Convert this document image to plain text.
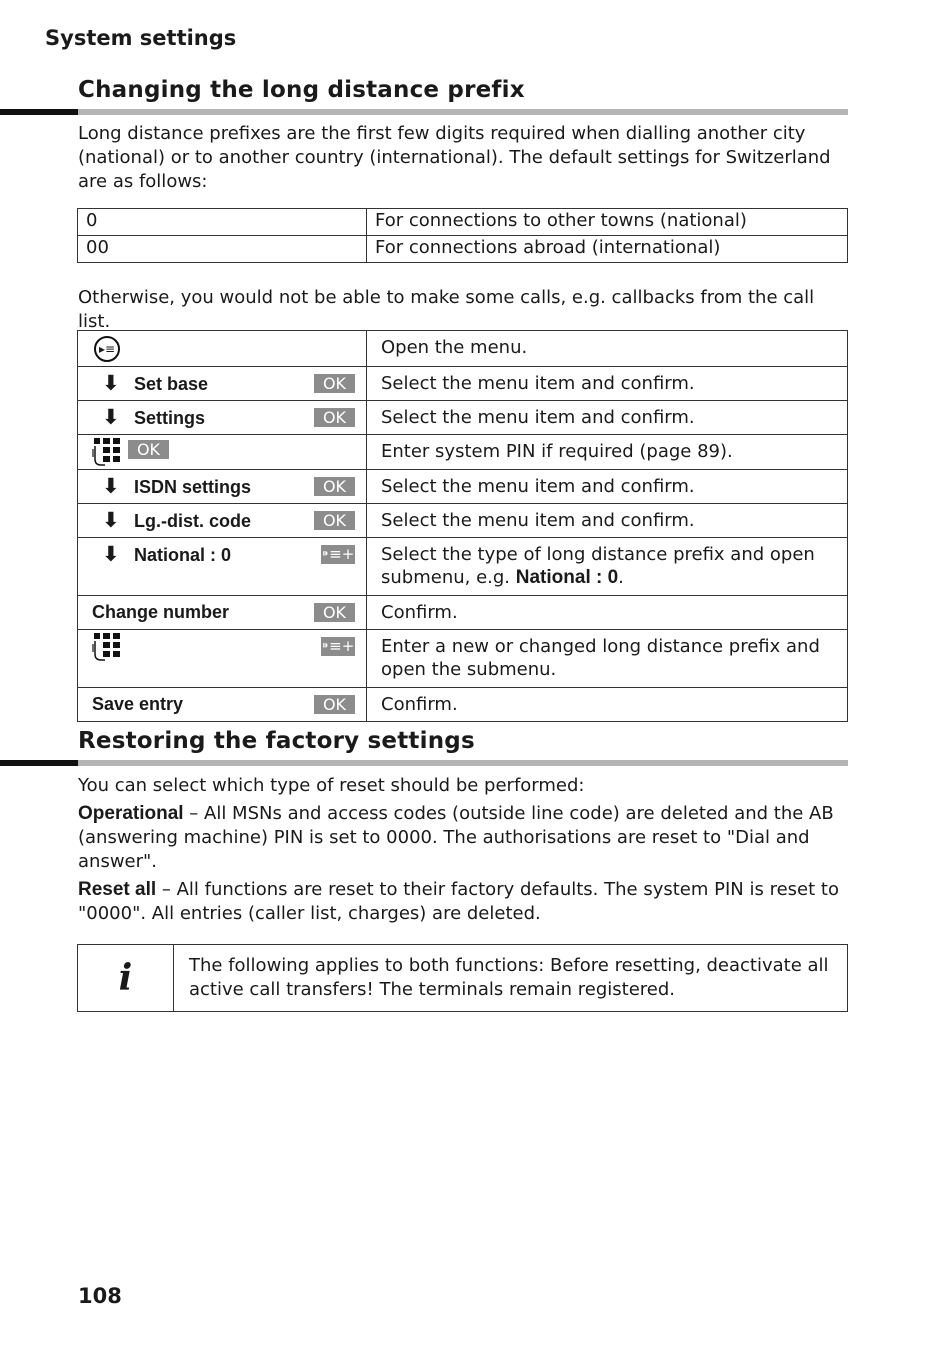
System settings
Changing the long distance prefix
Long distance prefixes are the first few digits required when dialling another city (national) or to another country (international). The default settings for Switzerland are as follows:
0	For connections to other towns (national)
00	For connections abroad (international)
Otherwise, you would not be able to make some calls, e.g. callbacks from the call list.
▸≡	Open the menu.
⬇ Set base OK	Select the menu item and confirm.
⬇ Settings OK	Select the menu item and confirm.
OK	Enter system PIN if required (page 89).
⬇ ISDN settings OK	Select the menu item and confirm.
⬇ Lg.-dist. code OK	Select the menu item and confirm.
⬇ National : 0 ⁍≡+	Select the type of long distance prefix and open submenu, e.g. National : 0.
Change number OK	Confirm.

⁍≡+	Enter a new or changed long distance prefix and open the submenu.
Save entry OK	Confirm.
Restoring the factory settings
You can select which type of reset should be performed:
Operational – All MSNs and access codes (outside line code) are deleted and the AB (answering machine) PIN is set to 0000. The authorisations are reset to "Dial and answer".
Reset all – All functions are reset to their factory defaults. The system PIN is reset to "0000". All entries (caller list, charges) are deleted.
i	The following applies to both functions: Before resetting, deactivate all active call transfers! The terminals remain registered.
108
